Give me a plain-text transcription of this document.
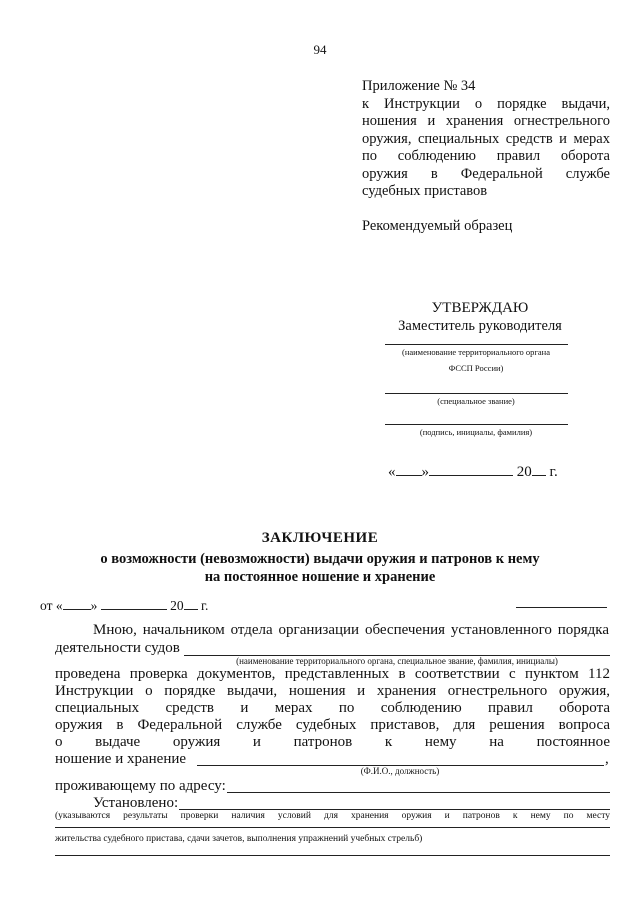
94
Приложение № 34
к Инструкции о порядке выдачи,
ношения и хранения огнестрельного
оружия, специальных средств и мерах
по соблюдению правил оборота
оружия в Федеральной службе
судебных приставов
Рекомендуемый образец
УТВЕРЖДАЮ
Заместитель руководителя
(наименование территориального органа
ФССП России)
(специальное звание)
(подпись, инициалы, фамилия)
« »	20 г.
ЗАКЛЮЧЕНИЕ
о возможности (невозможности) выдачи оружия и патронов к нему
на постоянное ношение и хранение
от « »	20 г.
Мною, начальником отдела организации обеспечения установленного порядка
деятельности судов
(наименование территориального органа, специальное звание, фамилия, инициалы)
проведена проверка документов, представленных в соответствии с пунктом 112
Инструкции о порядке выдачи, ношения и хранения огнестрельного оружия,
специальных средств и мерах по соблюдению правил оборота
оружия в Федеральной службе судебных приставов, для решения вопроса
о выдаче оружия и патронов к нему на постоянное
ношение и хранение	,
(Ф.И.О., должность)
проживающему по адресу:
Установлено:
(указываются результаты проверки наличия условий для хранения оружия и патронов к нему по месту
жительства судебного пристава, сдачи зачетов, выполнения упражнений учебных стрельб)
